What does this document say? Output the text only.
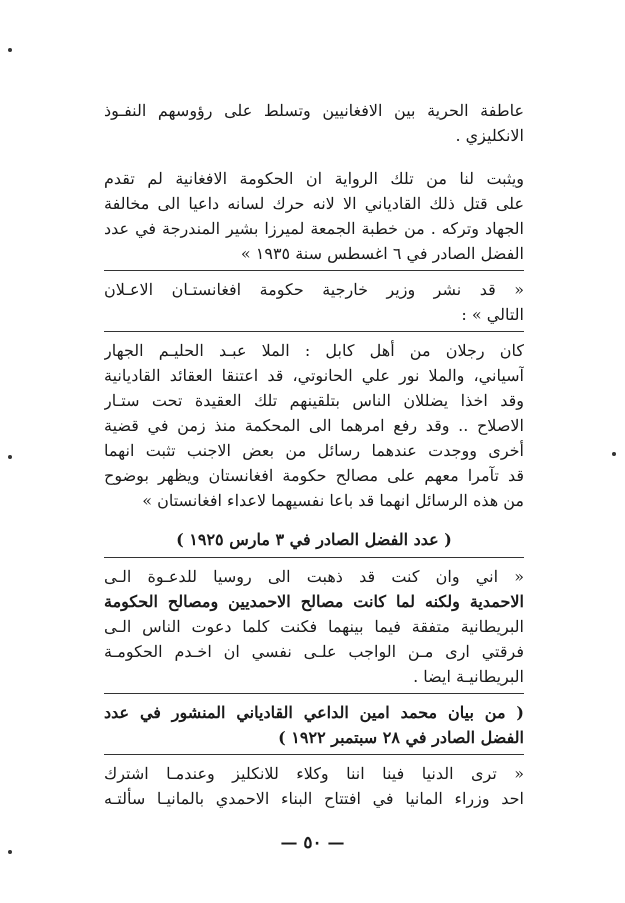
عاطفة الحرية بين الافغانيين وتسلط على رؤوسهم النفـوذ
الانكليزي .
ويثبت لنا من تلك الرواية ان الحكومة الافغانية لم تقدم
على قتل ذلك القادياني الا لانه حرك لسانه داعيا الى مخالفة
الجهاد وتركه . من خطبة الجمعة لميرزا بشير المندرجة في عدد
الفضل الصادر في ٦ اغسطس سنة ١٩٣٥ »
« قد نشر وزير خارجية حكومة افغانستـان الاعـلان
التالي » :
كان رجلان من أهل كابل : الملا عبـد الحليـم الجهار
آسياني، والملا نور علي الحانوتي، قد اعتنقا العقائد القاديانية
وقد اخذا يضللان الناس بتلقينهم تلك العقيدة تحت ستـار
الاصلاح .. وقد رفع امرهما الى المحكمة منذ زمن في قضية
أخرى ووجدت عندهما رسائل من بعض الاجنب تثبت انهما
قد تآمرا معهم على مصالح حكومة افغانستان ويظهر بوضوح
من هذه الرسائل انهما قد باعا نفسيهما لاعداء افغانستان »
( عدد الفضل الصادر في ٣ مارس ١٩٢٥ )
« اني وان كنت قد ذهبت الى روسيا للدعـوة الـى
الاحمدية ولكنه لما كانت مصالح الاحمديين ومصالح الحكومة
البريطانية متفقة فيما بينهما فكنت كلما دعوت الناس الـى
فرقتي ارى مـن الواجب علـى نفسي ان اخـدم الحكومـة
البريطانيـة ايضا .
( من بيان محمد امين الداعي القادياني المنشور في عدد
الفضل الصادر في ٢٨ سبتمبر ١٩٢٢ )
« ترى الدنيا فينا اننا وكلاء للانكليز وعندمـا اشترك
احد وزراء المانيا في افتتاح البناء الاحمدي بالمانيـا سألتـه
— ٥٠ —
